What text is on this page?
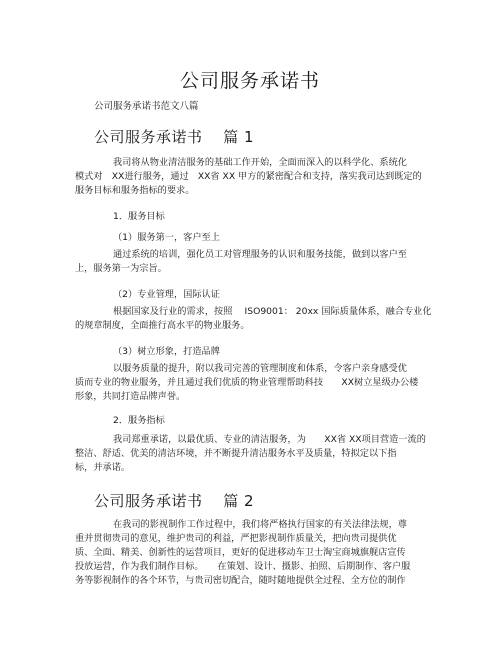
公司服务承诺书
公司服务承诺书范文八篇
公司服务承诺书　 篇 1
我司将从物业清洁服务的基础工作开始，全面而深入的以科学化、系统化
模式对　XX进行服务，通过　XX省 XX 甲方的紧密配合和支持，落实我司达到既定的
服务目标和服务指标的要求。
1．服务目标
（1）服务第一，客户至上
通过系统的培训，强化员工对管理服务的认识和服务技能，做到以客户至
上，服务第一为宗旨。
（2）专业管理，国际认证
根据国家及行业的需求，按照　 ISO9001： 20xx 国际质量体系，融合专业化
的规章制度，全面推行高水平的物业服务。
（3）树立形象，打造品牌
以服务质量的提升，附以我司完善的管理制度和体系，令客户亲身感受优
质而专业的物业服务，并且通过我们优质的物业管理帮助科技　　XX树立星级办公楼
形象，共同打造品牌声誉。
2．服务指标
我司郑重承诺，以最优质、专业的清洁服务，为　　XX省 XX项目营造一流的
整洁、舒适、优美的清洁环境，并不断提升清洁服务水平及质量，特拟定以下指
标，并承诺。
公司服务承诺书　 篇 2
在我司的影视制作工作过程中，我们将严格执行国家的有关法律法规，尊
重并贯彻贵司的意见，维护贵司的利益，严把影视制作质量关，把向贵司提供优
质、全面、精美、创新性的运营项目，更好的促进移动车卫士淘宝商城旗舰店宣传
投放运营，作为我们制作目标。　　在策划、设计、摄影、拍照、后期制作、客户服
务等影视制作的各个环节，与贵司密切配合，随时随地提供全过程、全方位的制作
